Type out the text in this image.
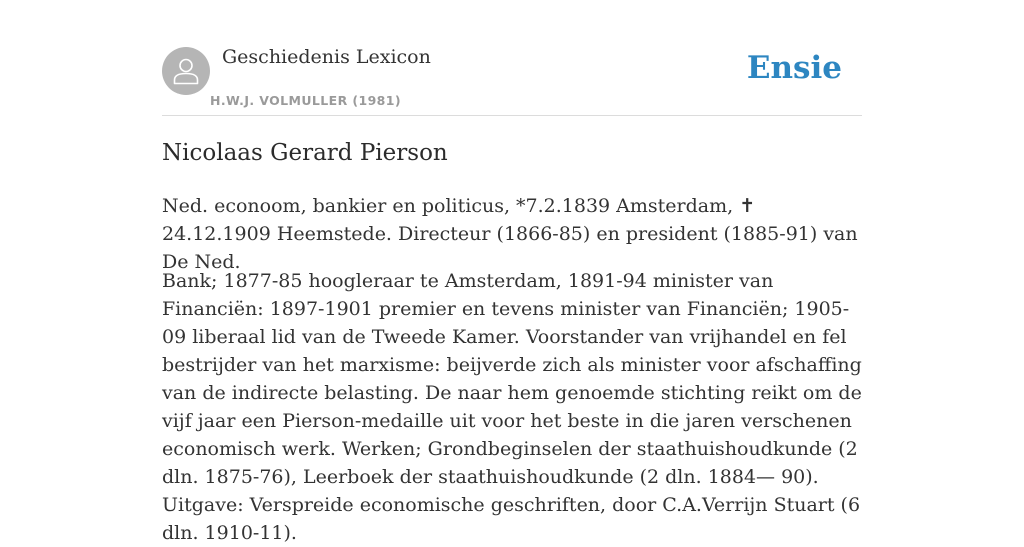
Geschiedenis Lexicon
H.W.J. VOLMULLER (1981)
Ensie
Nicolaas Gerard Pierson

Ned. econoom, bankier en politicus, *7.2.1839 Amsterdam, ✝ 24.12.1909 Heemstede. Directeur (1866-85) en president (1885-91) van De Ned.

Bank; 1877-85 hoogleraar te Amsterdam, 1891-94 minister van Financiën: 1897-1901 premier en tevens minister van Financiën; 1905-09 liberaal lid van de Tweede Kamer. Voorstander van vrijhandel en fel bestrijder van het marxisme: beijverde zich als minister voor afschaffing van de indirecte belasting. De naar hem genoemde stichting reikt om de vijf jaar een Pierson-medaille uit voor het beste in die jaren verschenen economisch werk. Werken; Grondbeginselen der staathuishoudkunde (2 dln. 1875-76), Leerboek der staathuishoudkunde (2 dln. 1884— 90). Uitgave: Verspreide economische geschriften, door C.A.Verrijn Stuart (6 dln. 1910-11).
